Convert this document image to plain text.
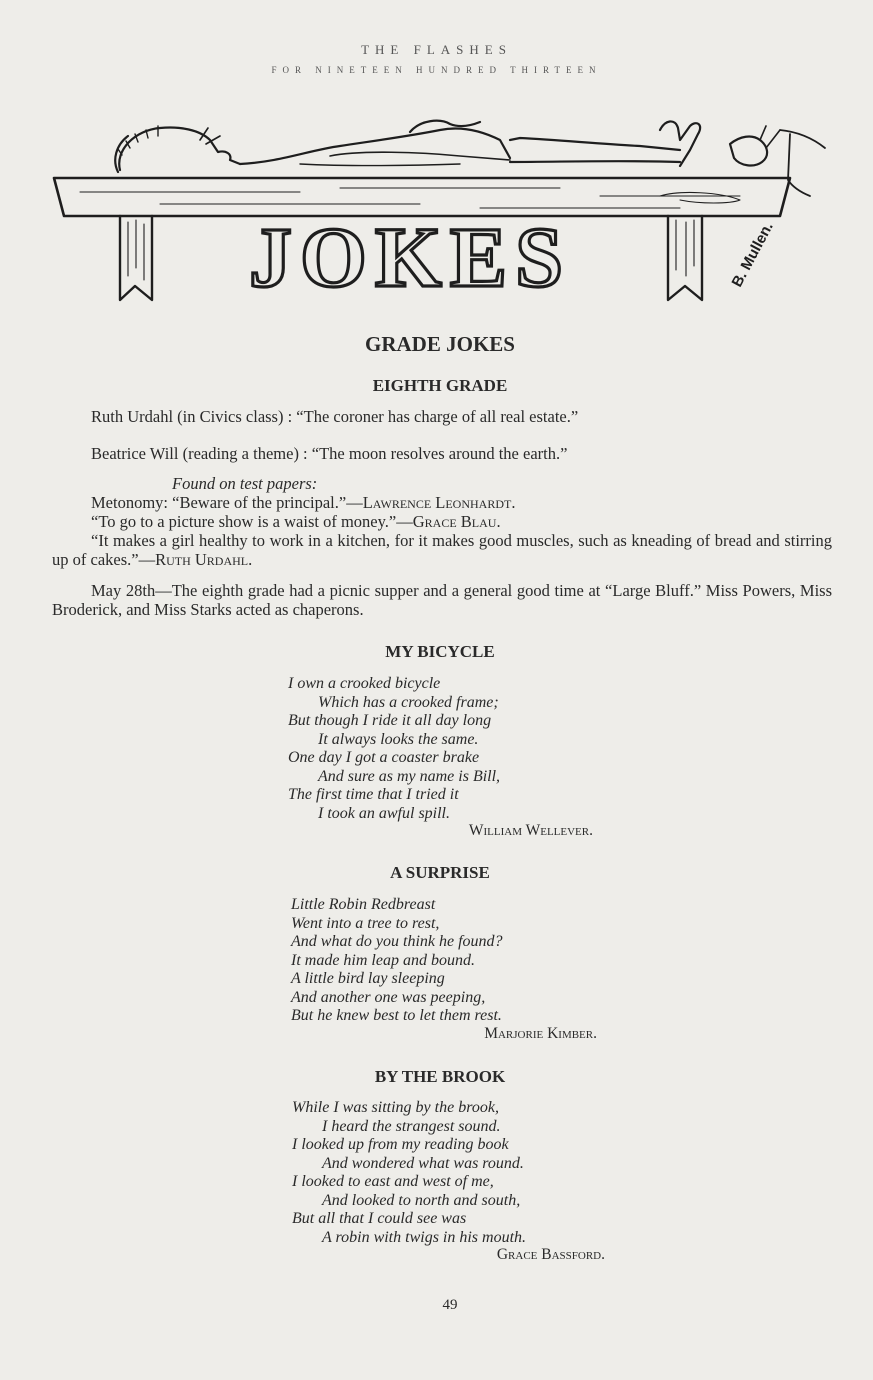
THE FLASHES
FOR NINETEEN HUNDRED THIRTEEN
JOKES	B. Mullen.
GRADE JOKES
EIGHTH GRADE
Ruth Urdahl (in Civics class) : “The coroner has charge of all real estate.”
Beatrice Will (reading a theme) : “The moon resolves around the earth.”
Found on test papers:
Metonomy: “Beware of the principal.”—Lawrence Leonhardt.
“To go to a picture show is a waist of money.”—Grace Blau.
“It makes a girl healthy to work in a kitchen, for it makes good muscles, such as kneading of bread and stirring up of cakes.”—Ruth Urdahl.
May 28th—The eighth grade had a picnic supper and a general good time at “Large Bluff.” Miss Powers, Miss Broderick, and Miss Starks acted as chaperons.
MY BICYCLE
I own a crooked bicycle
Which has a crooked frame;
But though I ride it all day long
It always looks the same.
One day I got a coaster brake
And sure as my name is Bill,
The first time that I tried it
I took an awful spill.
William Wellever.
A SURPRISE
Little Robin Redbreast
Went into a tree to rest,
And what do you think he found?
It made him leap and bound.
A little bird lay sleeping
And another one was peeping,
But he knew best to let them rest.
Marjorie Kimber.
BY THE BROOK
While I was sitting by the brook,
I heard the strangest sound.
I looked up from my reading book
And wondered what was round.
I looked to east and west of me,
And looked to north and south,
But all that I could see was
A robin with twigs in his mouth.
Grace Bassford.
49
